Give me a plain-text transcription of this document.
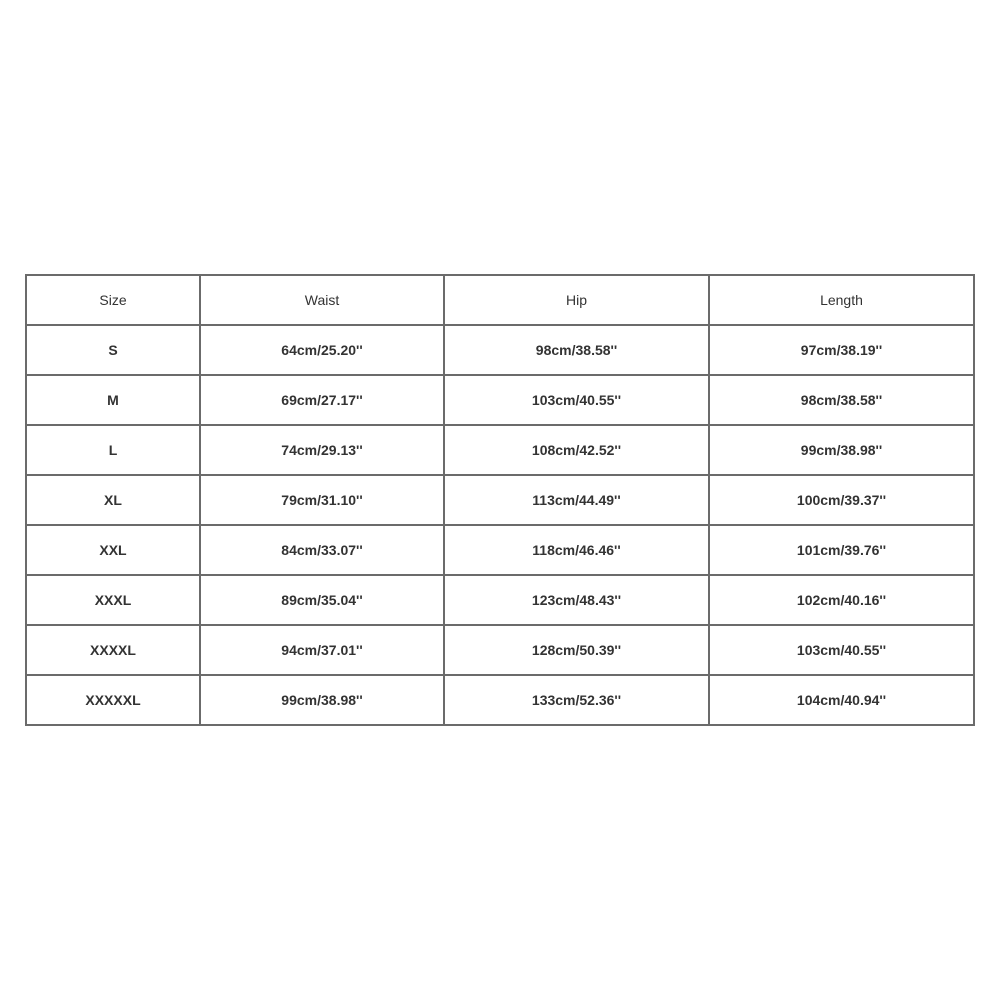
Size	Waist	Hip	Length
S	64cm/25.20''	98cm/38.58''	97cm/38.19''
M	69cm/27.17''	103cm/40.55''	98cm/38.58''
L	74cm/29.13''	108cm/42.52''	99cm/38.98''
XL	79cm/31.10''	113cm/44.49''	100cm/39.37''
XXL	84cm/33.07''	118cm/46.46''	101cm/39.76''
XXXL	89cm/35.04''	123cm/48.43''	102cm/40.16''
XXXXL	94cm/37.01''	128cm/50.39''	103cm/40.55''
XXXXXL	99cm/38.98''	133cm/52.36''	104cm/40.94''
